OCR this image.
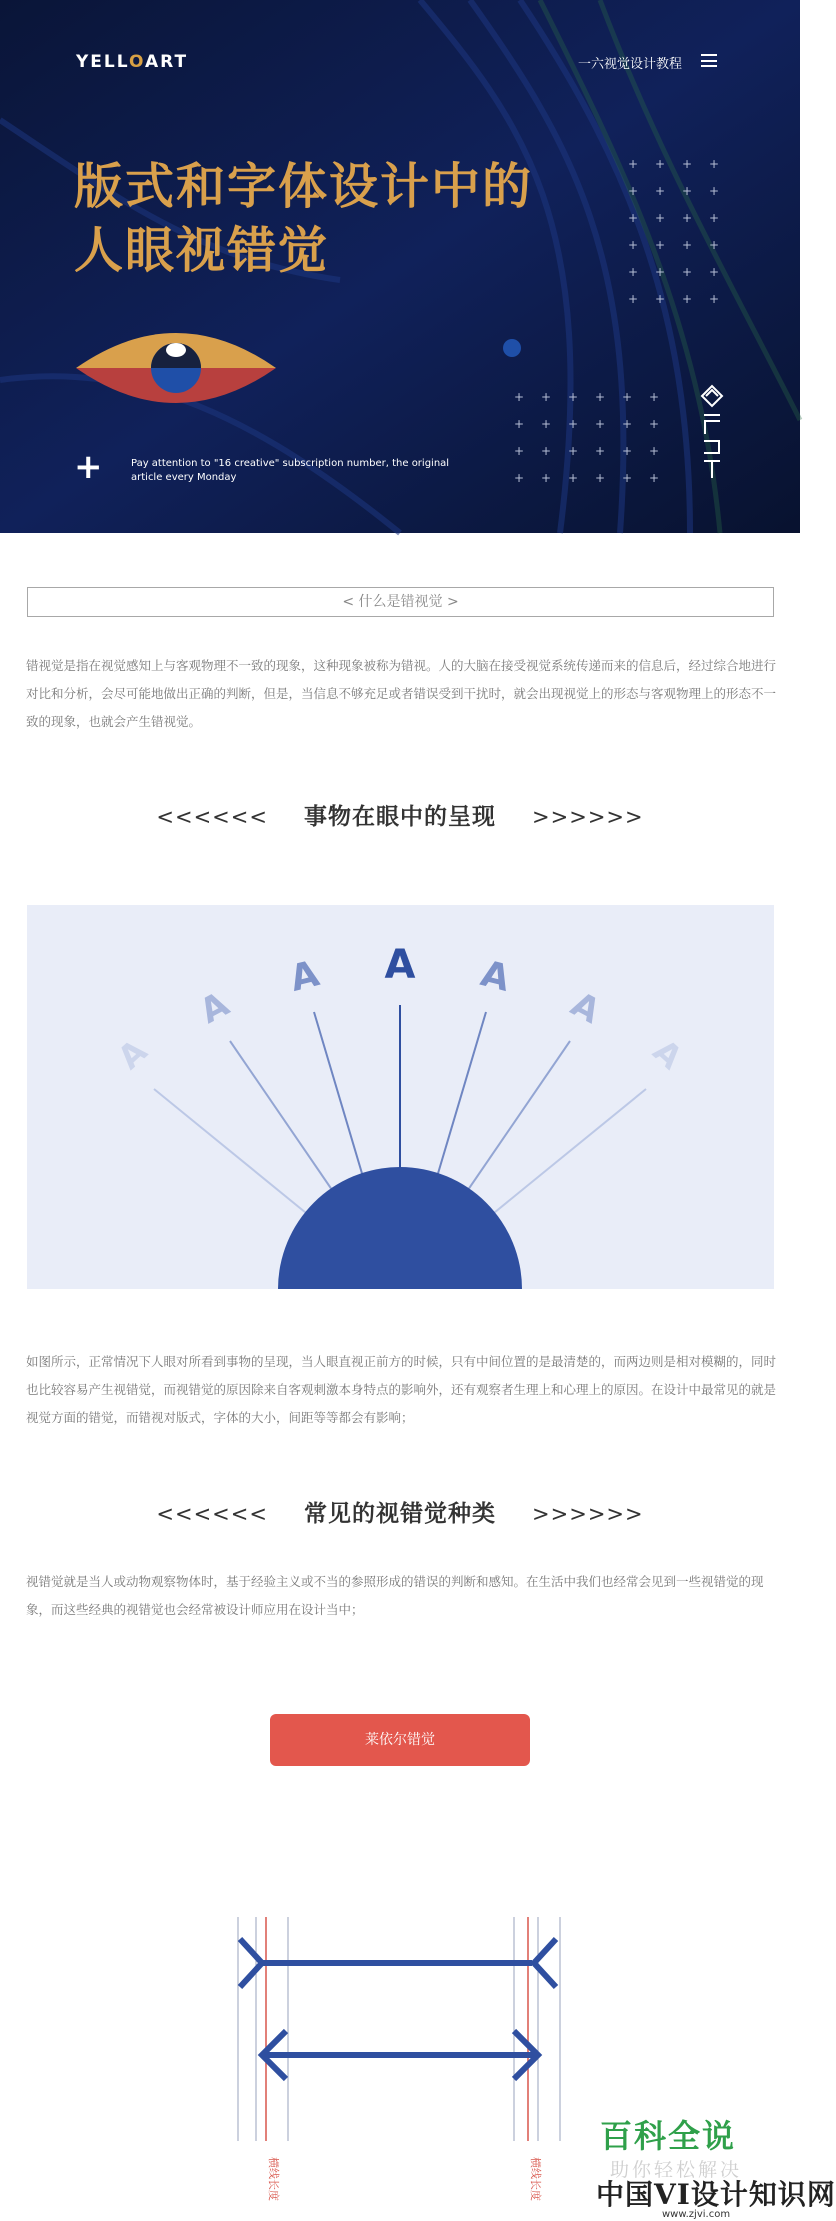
+ + + +
+ + + +
+ + + +
+ + + +
+ + + +
+ + + +
+ + + + + +
+ + + + + +
+ + + + + +
+ + + + + +
YELLOART	一六视觉设计教程
版式和字体设计中的
人眼视错觉
+	Pay attention to "16 creative" subscription number, the original article every Monday
< 什么是错视觉 >
错视觉是指在视觉感知上与客观物理不一致的现象，这种现象被称为错视。人的大脑在接受视觉系统传递而来的信息后，经过综合地进行对比和分析，会尽可能地做出正确的判断，但是，当信息不够充足或者错误受到干扰时，就会出现视觉上的形态与客观物理上的形态不一致的现象，也就会产生错视觉。
<<<<<< 事物在眼中的呈现 >>>>>>
A A
A
A
A
A
A
如图所示，正常情况下人眼对所看到事物的呈现，当人眼直视正前方的时候，只有中间位置的是最清楚的，而两边则是相对模糊的，同时也比较容易产生视错觉，而视错觉的原因除来自客观刺激本身特点的影响外，还有观察者生理上和心理上的原因。在设计中最常见的就是视觉方面的错觉，而错视对版式，字体的大小，间距等等都会有影响；
<<<<<< 常见的视错觉种类 >>>>>>
视错觉就是当人或动物观察物体时，基于经验主义或不当的参照形成的错误的判断和感知。在生活中我们也经常会见到一些视错觉的现象，而这些经典的视错觉也会经常被设计师应用在设计当中；
莱依尔错觉
横线长度	横线长度
百科全说
助你轻松解决
中国VI设计知识网
www.zjvi.com
